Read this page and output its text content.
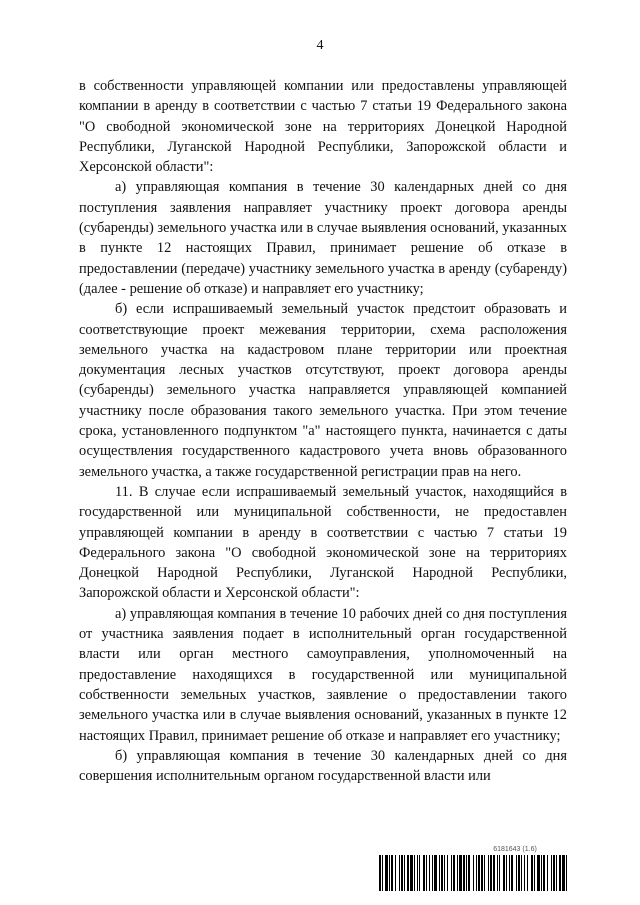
4

в собственности управляющей компании или предоставлены управляющей компании в аренду в соответствии с частью 7 статьи 19 Федерального закона "О свободной экономической зоне на территориях Донецкой Народной Республики, Луганской Народной Республики, Запорожской области и Херсонской области":

а) управляющая компания в течение 30 календарных дней со дня поступления заявления направляет участнику проект договора аренды (субаренды) земельного участка или в случае выявления оснований, указанных в пункте 12 настоящих Правил, принимает решение об отказе в предоставлении (передаче) участнику земельного участка в аренду (субаренду) (далее - решение об отказе) и направляет его участнику;

б) если испрашиваемый земельный участок предстоит образовать и соответствующие проект межевания территории, схема расположения земельного участка на кадастровом плане территории или проектная документация лесных участков отсутствуют, проект договора аренды (субаренды) земельного участка направляется управляющей компанией участнику после образования такого земельного участка. При этом течение срока, установленного подпунктом "а" настоящего пункта, начинается с даты осуществления государственного кадастрового учета вновь образованного земельного участка, а также государственной регистрации прав на него.

11. В случае если испрашиваемый земельный участок, находящийся в государственной или муниципальной собственности, не предоставлен управляющей компании в аренду в соответствии с частью 7 статьи 19 Федерального закона "О свободной экономической зоне на территориях Донецкой Народной Республики, Луганской Народной Республики, Запорожской области и Херсонской области":

а) управляющая компания в течение 10 рабочих дней со дня поступления от участника заявления подает в исполнительный орган государственной власти или орган местного самоуправления, уполномоченный на предоставление находящихся в государственной или муниципальной собственности земельных участков, заявление о предоставлении такого земельного участка или в случае выявления оснований, указанных в пункте 12 настоящих Правил, принимает решение об отказе и направляет его участнику;

б) управляющая компания в течение 30 календарных дней со дня совершения исполнительным органом государственной власти или

6181643 (1.6)
